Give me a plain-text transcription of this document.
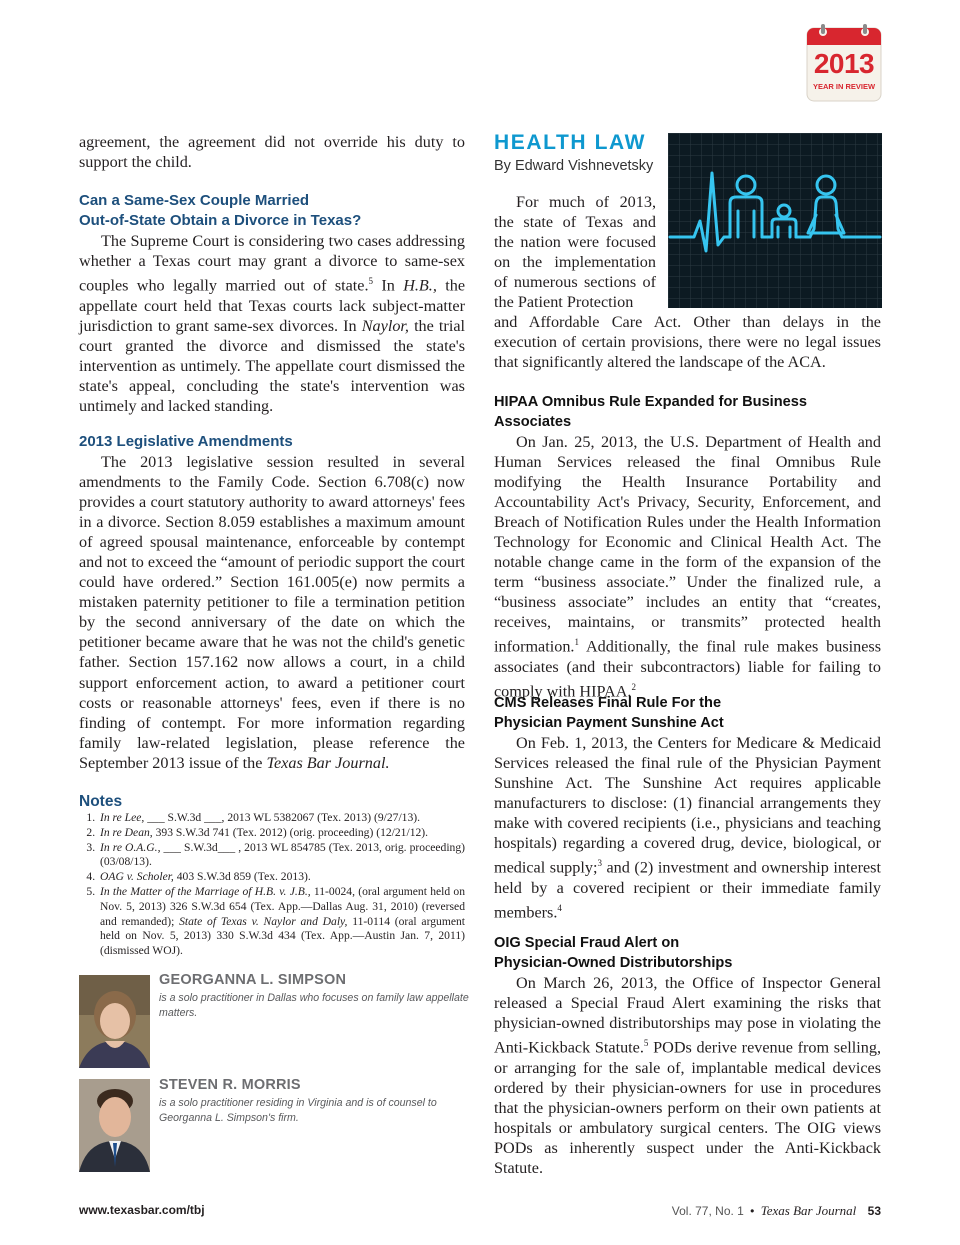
2013
YEAR IN REVIEW

agreement, the agreement did not override his duty to support the child.

Can a Same-Sex Couple Married
Out-of-State Obtain a Divorce in Texas?

The Supreme Court is considering two cases addressing whether a Texas court may grant a divorce to same-sex couples who legally married out of state.$^5$ In H.B., the appellate court held that Texas courts lack subject-matter jurisdiction to grant same-sex divorces. In Naylor, the trial court granted the divorce and dismissed the state's intervention as untimely. The appellate court dismissed the state's appeal, concluding the state's intervention was untimely and lacked standing.

2013 Legislative Amendments

The 2013 legislative session resulted in several amendments to the Family Code. Section 6.708(c) now provides a court statutory authority to award attorneys' fees in a divorce. Section 8.059 establishes a maximum amount of agreed spousal maintenance, enforceable by contempt and not to exceed the “amount of periodic support the court could have ordered.” Section 161.005(e) now permits a mistaken paternity petitioner to file a termination petition by the second anniversary of the date on which the petitioner became aware that he was not the child's genetic father. Section 157.162 now allows a court, in a child support enforcement action, to award a petitioner court costs or reasonable attorneys' fees, even if there is no finding of contempt. For more information regarding family law-related legislation, please reference the September 2013 issue of the Texas Bar Journal.

Notes
1. In re Lee, ___ S.W.3d ___, 2013 WL 5382067 (Tex. 2013) (9/27/13).
2. In re Dean, 393 S.W.3d 741 (Tex. 2012) (orig. proceeding) (12/21/12).
3. In re O.A.G., ___ S.W.3d___ , 2013 WL 854785 (Tex. 2013, orig. proceeding) (03/08/13).
4. OAG v. Scholer, 403 S.W.3d 859 (Tex. 2013).
5. In the Matter of the Marriage of H.B. v. J.B., 11-0024, (oral argument held on Nov. 5, 2013) 326 S.W.3d 654 (Tex. App.—Dallas Aug. 31, 2010) (reversed and remanded); State of Texas v. Naylor and Daly, 11-0114 (oral argument held on Nov. 5, 2013) 330 S.W.3d 434 (Tex. App.—Austin Jan. 7, 2011) (dismissed WOJ).
GEORGANNA L. SIMPSON
is a solo practitioner in Dallas who focuses on family law appellate matters.
STEVEN R. MORRIS
is a solo practitioner residing in Virginia and is of counsel to Georganna L. Simpson's firm.
HEALTH LAW
By Edward Vishnevetsky

For much of 2013, the state of Texas and the nation were focused on the implementation of numerous sections of the Patient Protection

and Affordable Care Act. Other than delays in the execution of certain provisions, there were no legal issues that significantly altered the landscape of the ACA.

HIPAA Omnibus Rule Expanded for Business Associates

On Jan. 25, 2013, the U.S. Department of Health and Human Services released the final Omnibus Rule modifying the Health Insurance Portability and Accountability Act's Privacy, Security, Enforcement, and Breach of Notification Rules under the Health Information Technology for Economic and Clinical Health Act. The notable change came in the form of the expansion of the term “business associate.” Under the finalized rule, a “business associate” includes an entity that “creates, receives, maintains, or transmits” protected health information.$^1$ Additionally, the final rule makes business associates (and their subcontractors) liable for failing to comply with HIPAA.$^2$

CMS Releases Final Rule For the
Physician Payment Sunshine Act

On Feb. 1, 2013, the Centers for Medicare & Medicaid Services released the final rule of the Physician Payment Sunshine Act. The Sunshine Act requires applicable manufacturers to disclose: (1) financial arrangements they make with covered recipients (i.e., physicians and teaching hospitals) regarding a covered drug, device, biological, or medical supply;$^3$ and (2) investment and ownership interest held by a covered recipient or their immediate family members.$^4$

OIG Special Fraud Alert on
Physician-Owned Distributorships

On March 26, 2013, the Office of Inspector General released a Special Fraud Alert examining the risks that physician-owned distributorships may pose in violating the Anti-Kickback Statute.$^5$ PODs derive revenue from selling, or arranging for the sale of, implantable medical devices ordered by their physician-owners for use in procedures that the physician-owners perform on their own patients at hospitals or ambulatory surgical centers. The OIG views PODs as inherently suspect under the Anti-Kickback Statute.

www.texasbar.com/tbj	Vol. 77, No. 1 • Texas Bar Journal 53
